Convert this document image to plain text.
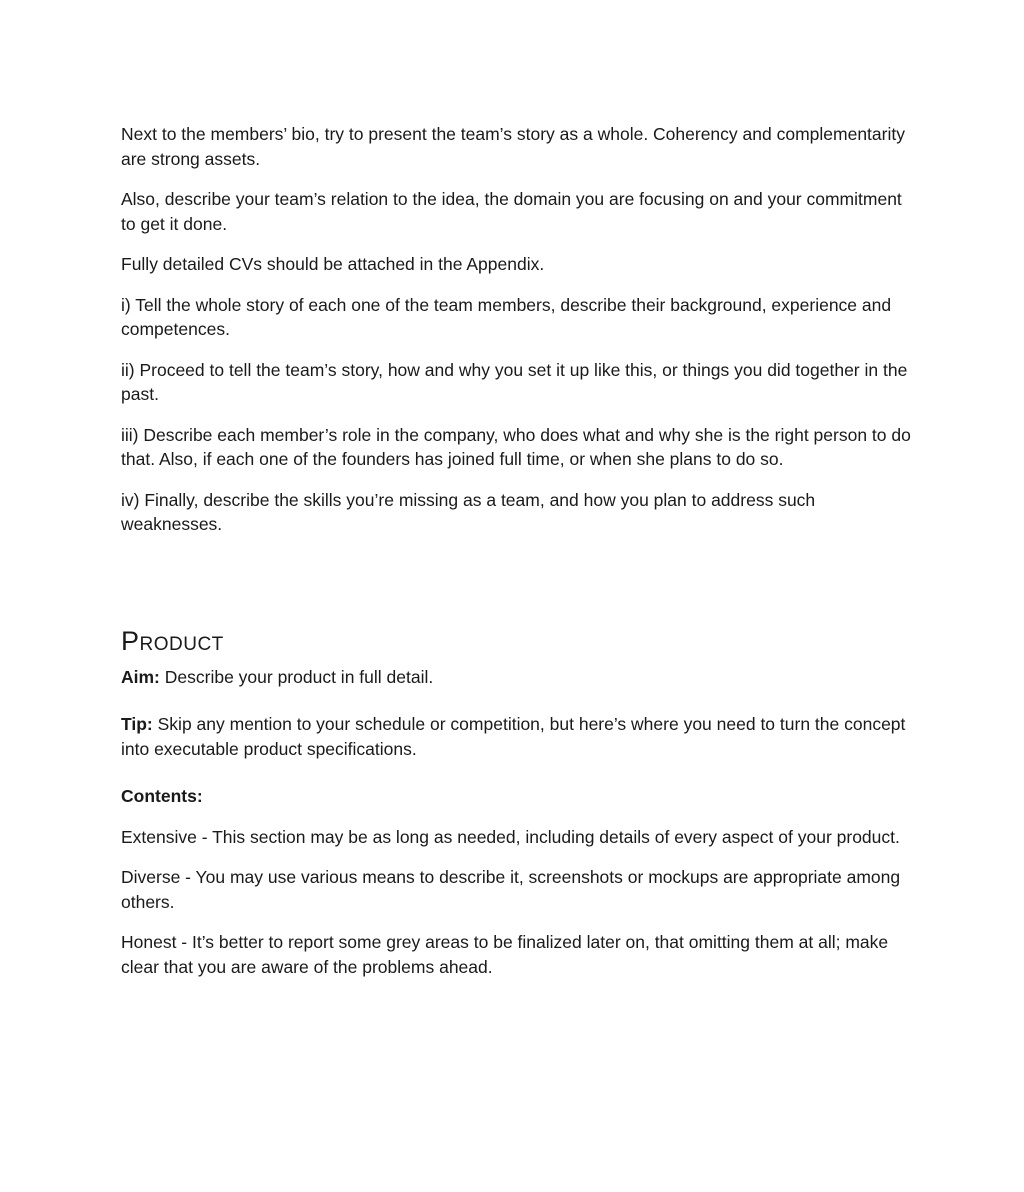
Next to the members’ bio, try to present the team’s story as a whole. Coherency and complementarity are strong assets.

Also, describe your team’s relation to the idea, the domain you are focusing on and your commitment to get it done.

Fully detailed CVs should be attached in the Appendix.

i) Tell the whole story of each one of the team members, describe their background, experience and competences.

ii) Proceed to tell the team’s story, how and why you set it up like this, or things you did together in the past.

iii) Describe each member’s role in the company, who does what and why she is the right person to do that. Also, if each one of the founders has joined full time, or when she plans to do so.

iv) Finally, describe the skills you’re missing as a team, and how you plan to address such weaknesses.

Product

Aim: Describe your product in full detail.

Tip: Skip any mention to your schedule or competition, but here’s where you need to turn the concept into executable product specifications.

Contents:

Extensive - This section may be as long as needed, including details of every aspect of your product.

Diverse - You may use various means to describe it, screenshots or mockups are appropriate among others.

Honest - It’s better to report some grey areas to be finalized later on, that omitting them at all; make clear that you are aware of the problems ahead.
